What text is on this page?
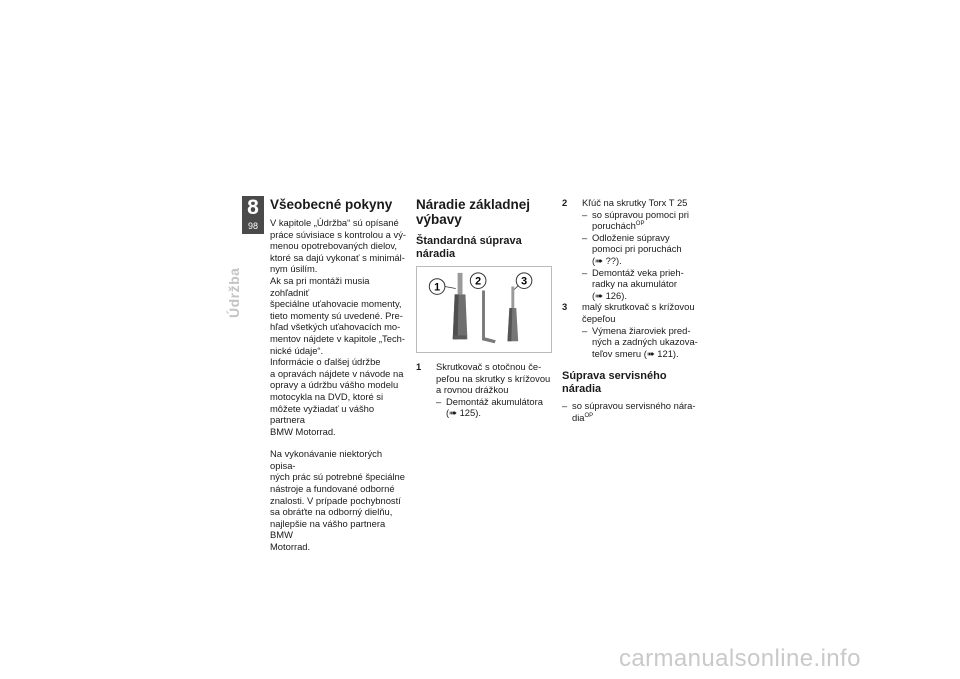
8
98
Údržba
Všeobecné pokyny

V kapitole „Údržba“ sú opísané

práce súvisiace s kontrolou a vý-

menou opotrebovaných dielov,

ktoré sa dajú vykonať s minimál-

nym úsilím.

Ak sa pri montáži musia zohľadniť

špeciálne uťahovacie momenty,

tieto momenty sú uvedené. Pre-

hľad všetkých uťahovacích mo-

mentov nájdete v kapitole „Tech-

nické údaje“.

Informácie o ďalšej údržbe

a opravách nájdete v návode na

opravy a údržbu vášho modelu

motocykla na DVD, ktoré si

môžete vyžiadať u vášho partnera

BMW Motorrad.

Na vykonávanie niektorých opisa-

ných prác sú potrebné špeciálne

nástroje a fundované odborné

znalosti. V prípade pochybností

sa obráťte na odborný dielňu,

najlepšie na vášho partnera BMW

Motorrad.

Náradie základnej
výbavy
Štandardná súprava
náradia
1	2	3
1 Skrutkovač s otočnou če-

peľou na skrutky s krížovou

a rovnou drážkou

– Demontáž akumulátora

(➠ 125).

2 Kľúč na skrutky Torx T 25

– so súpravou pomoci pri

poruchách$^{OP}$

– Odloženie súpravy

pomoci pri poruchách

(➠ ??).

– Demontáž veka prieh-

radky na akumulátor

(➠ 126).

3 malý skrutkovač s krížovou

čepeľou

– Výmena žiaroviek pred-

ných a zadných ukazova-

teľov smeru (➠ 121).

Súprava servisného
náradia
– so súpravou servisného nára-

dia$^{OP}$

carmanualsonline.info
